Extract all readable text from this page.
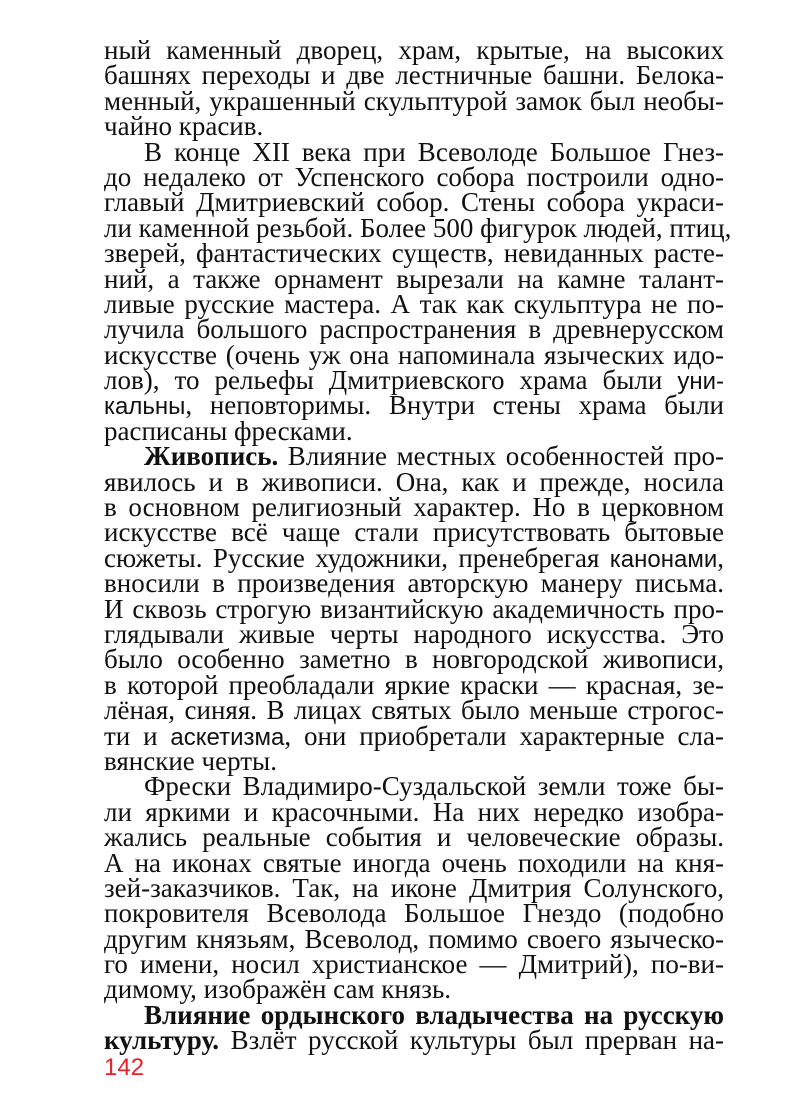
ный каменный дворец, храм, крытые, на высоких
башнях переходы и две лестничные башни. Белока-
менный, украшенный скульптурой замок был необы-
чайно красив.
В конце XII века при Всеволоде Большое Гнез-
до недалеко от Успенского собора построили одно-
главый Дмитриевский собор. Стены собора украси-
ли каменной резьбой. Более 500 фигурок людей, птиц,
зверей, фантастических существ, невиданных расте-
ний, а также орнамент вырезали на камне талант-
ливые русские мастера. А так как скульптура не по-
лучила большого распространения в древнерусском
искусстве (очень уж она напоминала языческих идо-
лов), то рельефы Дмитриевского храма были уни-
кальны, неповторимы. Внутри стены храма были
расписаны фресками.
Живопись. Влияние местных особенностей про-
явилось и в живописи. Она, как и прежде, носила
в основном религиозный характер. Но в церковном
искусстве всё чаще стали присутствовать бытовые
сюжеты. Русские художники, пренебрегая канонами,
вносили в произведения авторскую манеру письма.
И сквозь строгую византийскую академичность про-
глядывали живые черты народного искусства. Это
было особенно заметно в новгородской живописи,
в которой преобладали яркие краски — красная, зе-
лёная, синяя. В лицах святых было меньше строгос-
ти и аскетизма, они приобретали характерные сла-
вянские черты.
Фрески Владимиро-Суздальской земли тоже бы-
ли яркими и красочными. На них нередко изобра-
жались реальные события и человеческие образы.
А на иконах святые иногда очень походили на кня-
зей-заказчиков. Так, на иконе Дмитрия Солунского,
покровителя Всеволода Большое Гнездо (подобно
другим князьям, Всеволод, помимо своего языческо-
го имени, носил христианское — Дмитрий), по-ви-
димому, изображён сам князь.
Влияние ордынского владычества на русскую
культуру. Взлёт русской культуры был прерван на-
142
